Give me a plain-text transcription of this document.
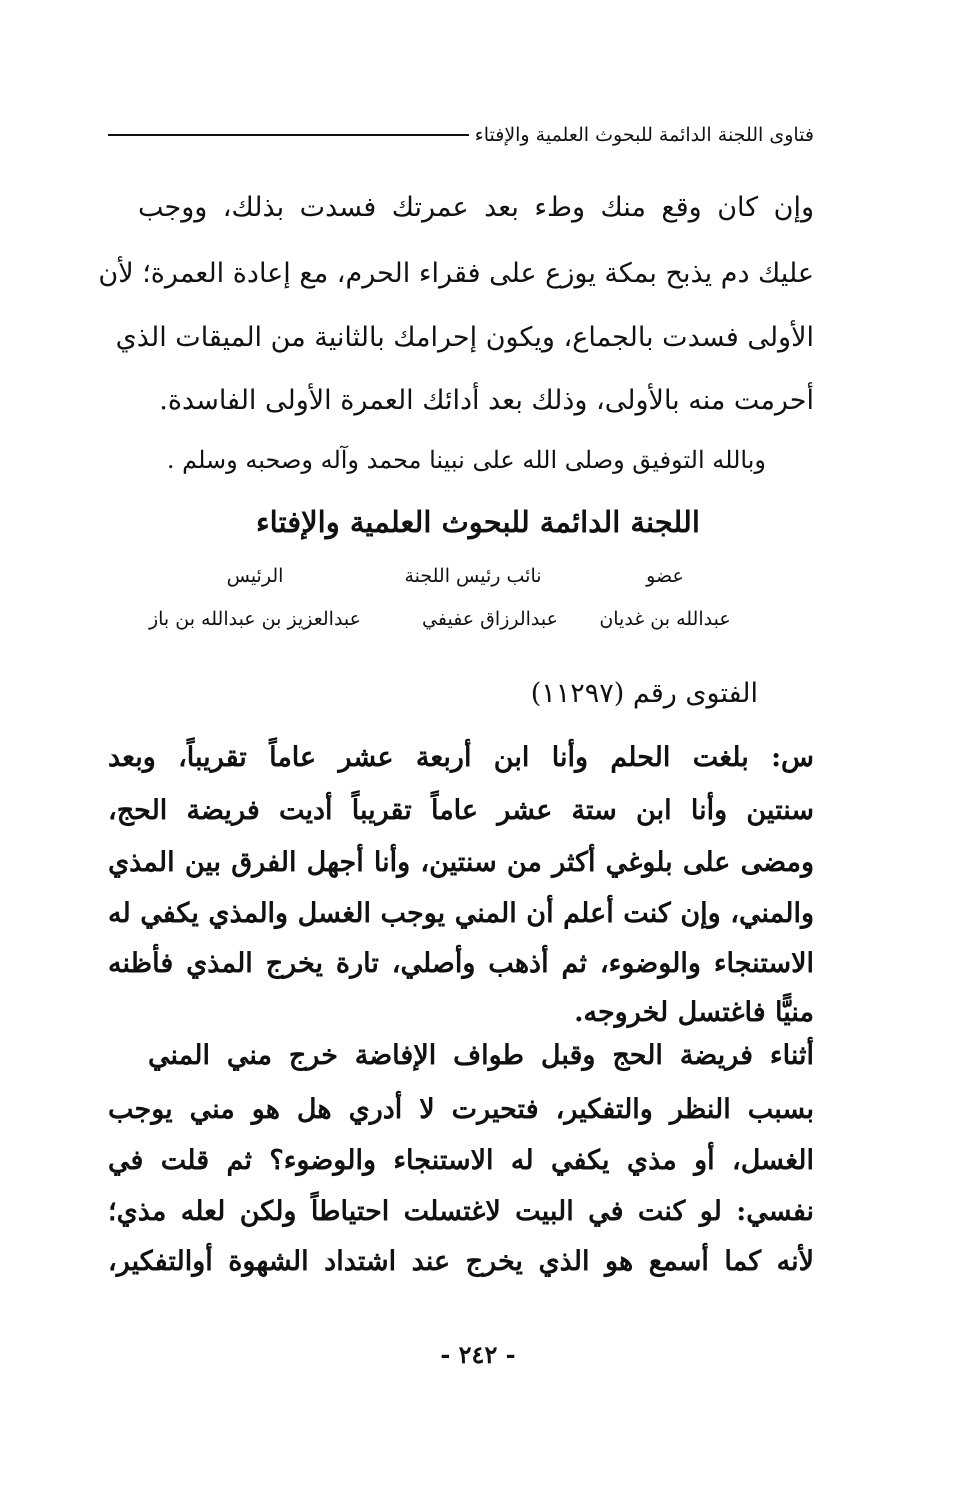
فتاوى اللجنة الدائمة للبحوث العلمية والإفتاء

وإن كان وقع منك وطء بعد عمرتك فسدت بذلك، ووجب

عليك دم يذبح بمكة يوزع على فقراء الحرم، مع إعادة العمرة؛ لأن

الأولى فسدت بالجماع، ويكون إحرامك بالثانية من الميقات الذي

أحرمت منه بالأولى، وذلك بعد أدائك العمرة الأولى الفاسدة.

وبالله التوفيق وصلى الله على نبينا محمد وآله وصحبه وسلم .

اللجنة الدائمة للبحوث العلمية والإفتاء
عضو
نائب رئيس اللجنة
الرئيس
عبدالله بن غديان
عبدالرزاق عفيفي
عبدالعزيز بن عبدالله بن باز
الفتوى رقم (١١٢٩٧)

س: بلغت الحلم وأنا ابن أربعة عشر عاماً تقريباً، وبعد

سنتين وأنا ابن ستة عشر عاماً تقريباً أديت فريضة الحج،

ومضى على بلوغي أكثر من سنتين، وأنا أجهل الفرق بين المذي

والمني، وإن كنت أعلم أن المني يوجب الغسل والمذي يكفي له

الاستنجاء والوضوء، ثم أذهب وأصلي، تارة يخرج المذي فأظنه

منيًّا فاغتسل لخروجه.

أثناء فريضة الحج وقبل طواف الإفاضة خرج مني المني

بسبب النظر والتفكير، فتحيرت لا أدري هل هو مني يوجب

الغسل، أو مذي يكفي له الاستنجاء والوضوء؟ ثم قلت في

نفسي: لو كنت في البيت لاغتسلت احتياطاً ولكن لعله مذي؛

لأنه كما أسمع هو الذي يخرج عند اشتداد الشهوة أوالتفكير،

- ٢٤٢ -
